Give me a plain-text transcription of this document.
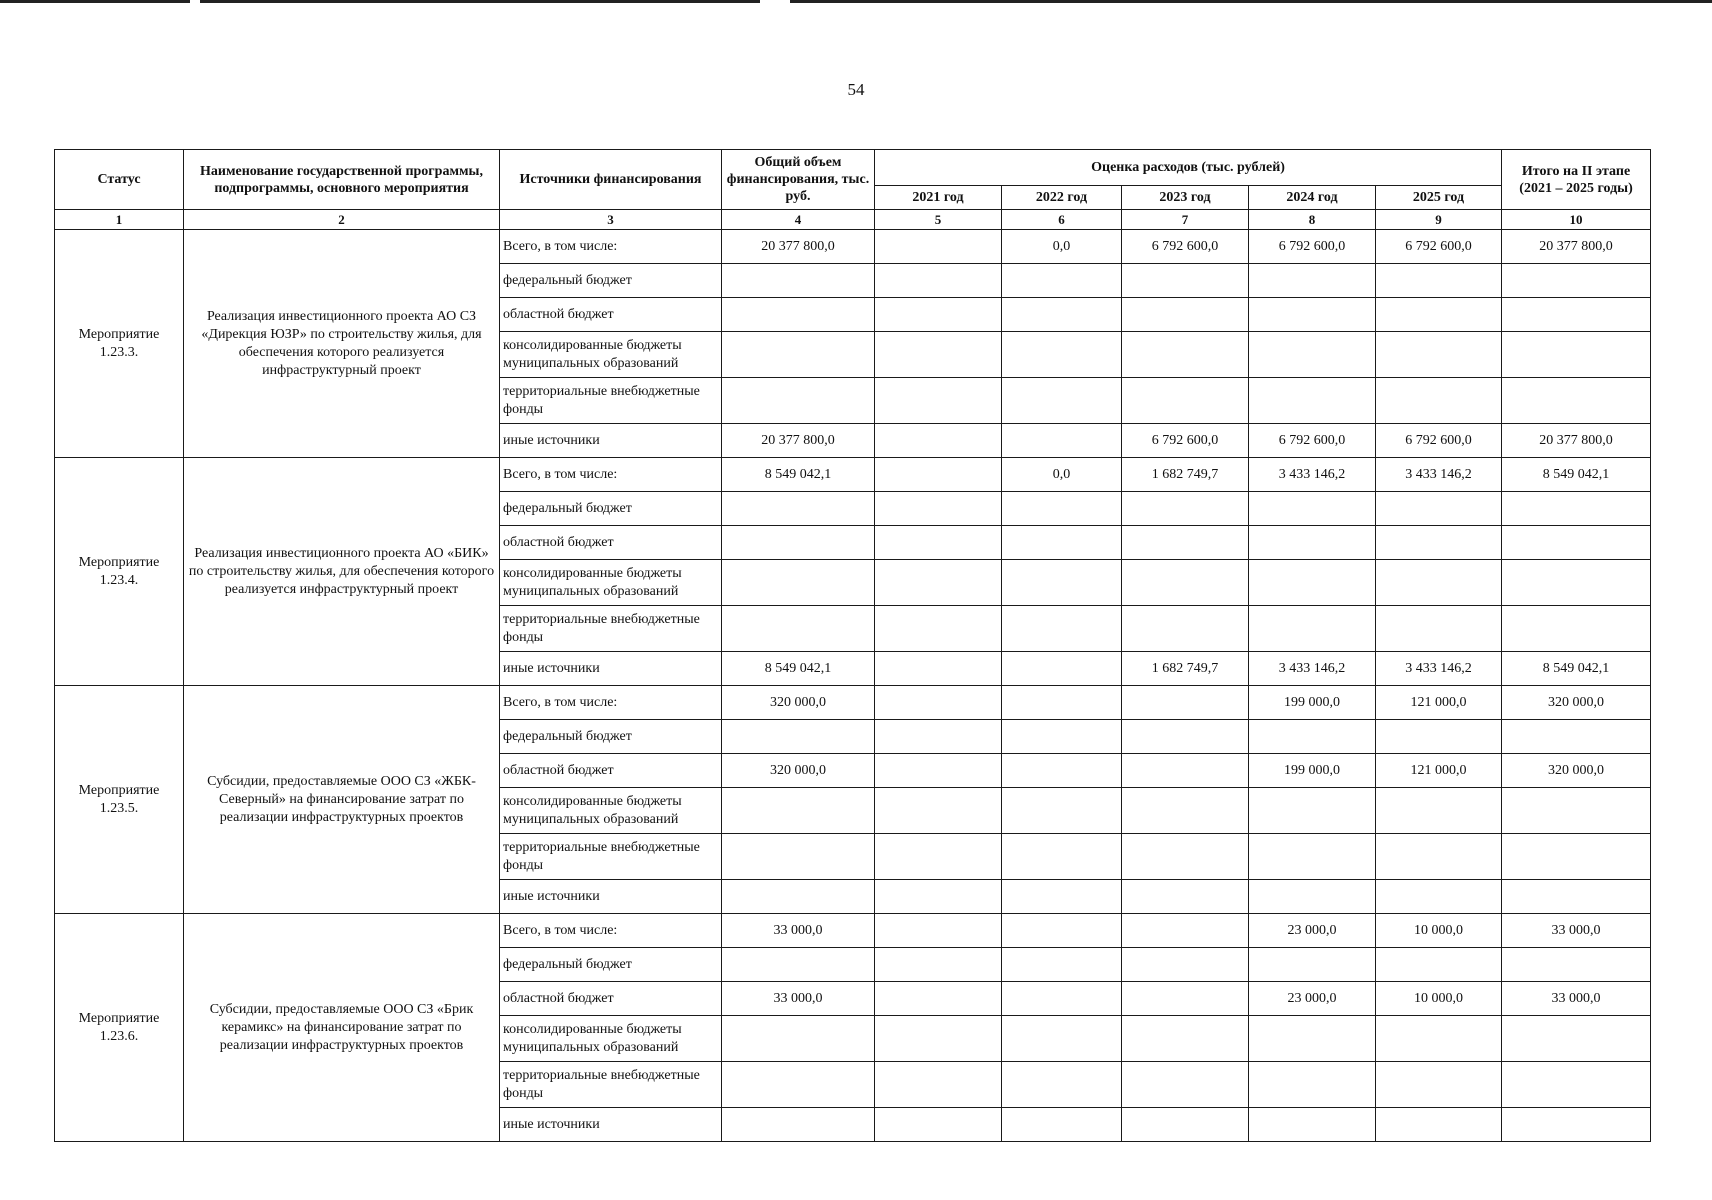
54
Статус	Наименование государственной программы, подпрограммы, основного мероприятия	Источники финансирования	Общий объем финансирования, тыс. руб.	Оценка расходов (тыс. рублей)					Итого на II этапе (2021 – 2025 годы)
				2021 год	2022 год	2023 год	2024 год	2025 год	
1	2	3	4	5	6	7	8	9	10
Мероприятие 1.23.3.	Реализация инвестиционного проекта АО СЗ «Дирекция ЮЗР» по строительству жилья, для обеспечения которого реализуется инфраструктурный проект	Всего, в том числе:	20 377 800,0		0,0	6 792 600,0	6 792 600,0	6 792 600,0	20 377 800,0
		федеральный бюджет							
		областной бюджет							
		консолидированные бюджеты муниципальных образований							
		территориальные внебюджетные фонды							
		иные источники	20 377 800,0			6 792 600,0	6 792 600,0	6 792 600,0	20 377 800,0
Мероприятие 1.23.4.	Реализация инвестиционного проекта АО «БИК» по строительству жилья, для обеспечения которого реализуется инфраструктурный проект	Всего, в том числе:	8 549 042,1		0,0	1 682 749,7	3 433 146,2	3 433 146,2	8 549 042,1
		федеральный бюджет							
		областной бюджет							
		консолидированные бюджеты муниципальных образований							
		территориальные внебюджетные фонды							
		иные источники	8 549 042,1			1 682 749,7	3 433 146,2	3 433 146,2	8 549 042,1
Мероприятие 1.23.5.	Субсидии, предоставляемые ООО СЗ «ЖБК-Северный» на финансирование затрат по реализации инфраструктурных проектов	Всего, в том числе:	320 000,0				199 000,0	121 000,0	320 000,0
		федеральный бюджет							
		областной бюджет	320 000,0				199 000,0	121 000,0	320 000,0
		консолидированные бюджеты муниципальных образований							
		территориальные внебюджетные фонды							
		иные источники							
Мероприятие 1.23.6.	Субсидии, предоставляемые ООО СЗ «Брик керамикс» на финансирование затрат по реализации инфраструктурных проектов	Всего, в том числе:	33 000,0				23 000,0	10 000,0	33 000,0
		федеральный бюджет							
		областной бюджет	33 000,0				23 000,0	10 000,0	33 000,0
		консолидированные бюджеты муниципальных образований							
		территориальные внебюджетные фонды							
		иные источники							
